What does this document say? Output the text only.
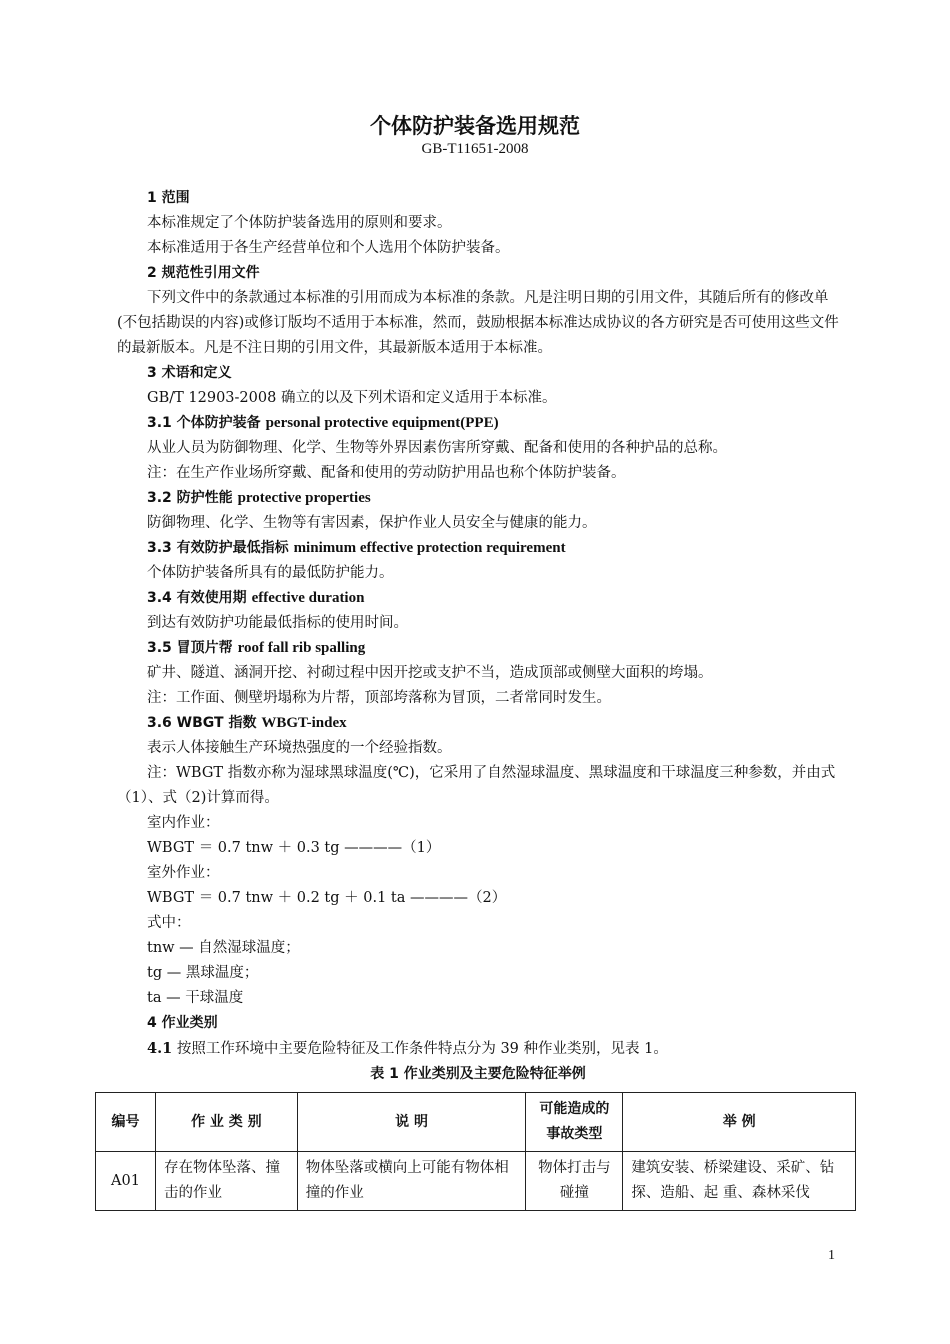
个体防护装备选用规范
GB-T11651-2008

1 范围

本标准规定了个体防护装备选用的原则和要求。

本标准适用于各生产经营单位和个人选用个体防护装备。

2 规范性引用文件

下列文件中的条款通过本标准的引用而成为本标准的条款。凡是注明日期的引用文件，其随后所有的修改单(不包括勘误的内容)或修订版均不适用于本标准，然而，鼓励根据本标准达成协议的各方研究是否可使用这些文件的最新版本。凡是不注日期的引用文件，其最新版本适用于本标准。

3 术语和定义

GB/T 12903-2008 确立的以及下列术语和定义适用于本标准。

3.1 个体防护装备 personal protective equipment(PPE)

从业人员为防御物理、化学、生物等外界因素伤害所穿戴、配备和使用的各种护品的总称。

注：在生产作业场所穿戴、配备和使用的劳动防护用品也称个体防护装备。

3.2 防护性能 protective properties

防御物理、化学、生物等有害因素，保护作业人员安全与健康的能力。

3.3 有效防护最低指标 minimum effective protection requirement

个体防护装备所具有的最低防护能力。

3.4 有效使用期 effective duration

到达有效防护功能最低指标的使用时间。

3.5 冒顶片帮 roof fall rib spalling

矿井、隧道、涵洞开挖、衬砌过程中因开挖或支护不当，造成顶部或侧壁大面积的垮塌。

注：工作面、侧壁坍塌称为片帮，顶部垮落称为冒顶，二者常同时发生。

3.6 WBGT 指数 WBGT-index

表示人体接触生产环境热强度的一个经验指数。

注：WBGT 指数亦称为湿球黑球温度(℃)，它采用了自然湿球温度、黑球温度和干球温度三种参数，并由式（1）、式（2)计算而得。

室内作业：

WBGT ＝ 0.7 tnw ＋ 0.3 tg ————（1）

室外作业：

WBGT ＝ 0.7 tnw ＋ 0.2 tg ＋ 0.1 ta ————（2）

式中：

tnw — 自然湿球温度；

tg — 黑球温度；

ta — 干球温度

4 作业类别

4.1 按照工作环境中主要危险特征及工作条件特点分为 39 种作业类别，见表 1。

表 1 作业类别及主要危险特征举例

编号	作 业 类 别	说 明	可能造成的事故类型	举 例
A01	存在物体坠落、撞击的作业	物体坠落或横向上可能有物体相撞的作业	物体打击与碰撞	建筑安装、桥梁建设、采矿、钻探、造船、起 重、森林采伐
1
